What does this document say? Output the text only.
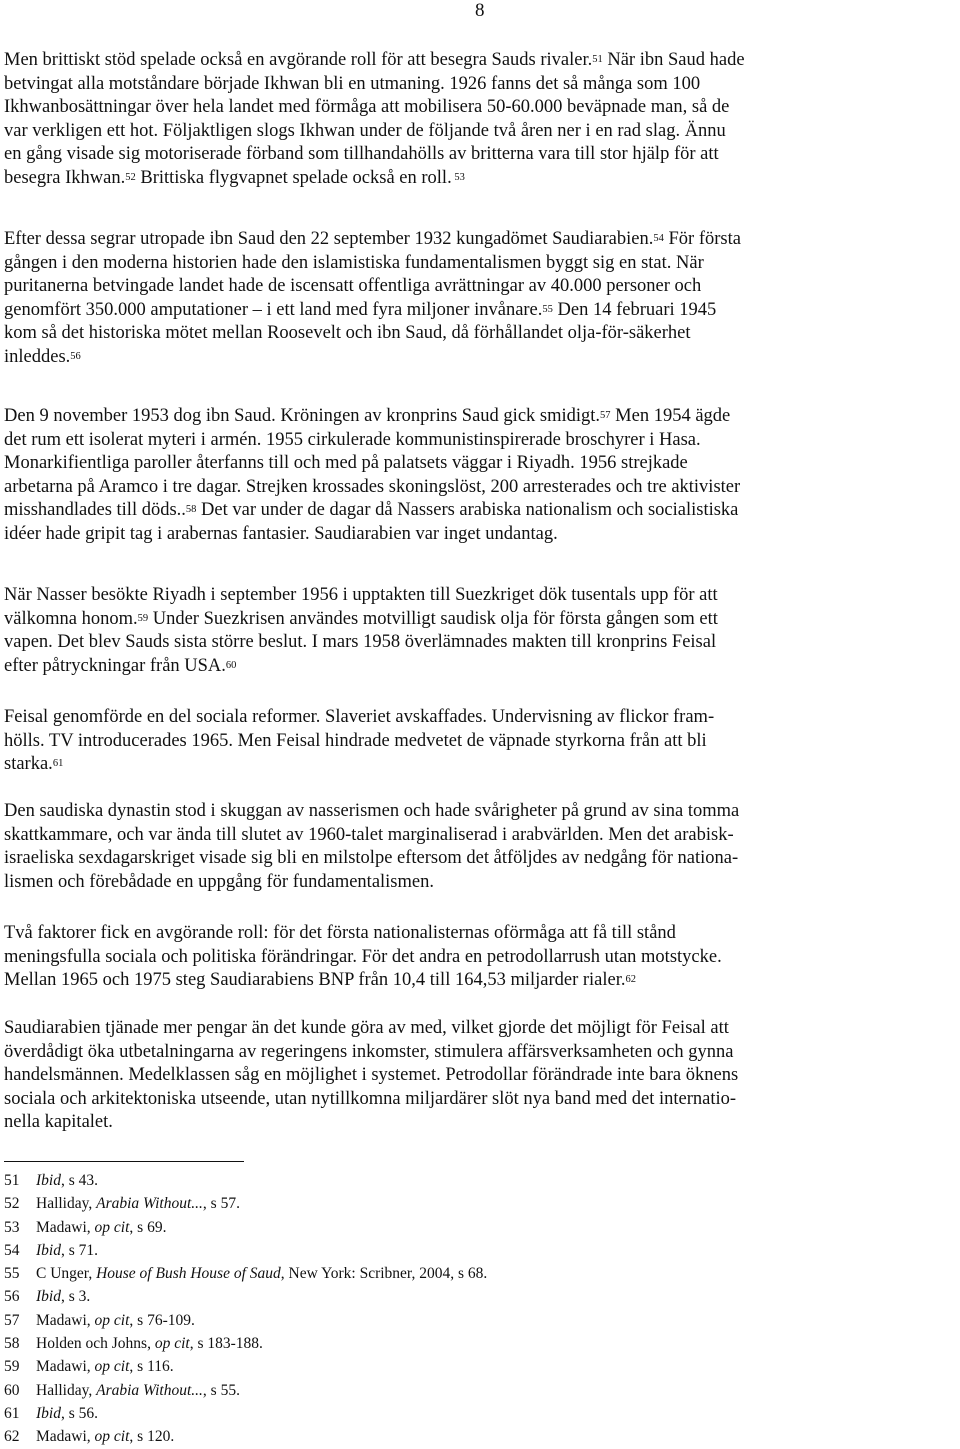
8
Men brittiskt stöd spelade också en avgörande roll för att besegra Sauds rivaler.$^{51}$ När ibn Saud hade
betvingat alla motståndare började Ikhwan bli en utmaning. 1926 fanns det så många som 100
Ikhwanbosättningar över hela landet med förmåga att mobilisera 50-60.000 beväpnade man, så de
var verkligen ett hot. Följaktligen slogs Ikhwan under de följande två åren ner i en rad slag. Ännu
en gång visade sig motoriserade förband som tillhandahölls av britterna vara till stor hjälp för att
besegra Ikhwan.$^{52}$ Brittiska flygvapnet spelade också en roll. $^{53}$
Efter dessa segrar utropade ibn Saud den 22 september 1932 kungadömet Saudiarabien.$^{54}$ För första
gången i den moderna historien hade den islamistiska fundamentalismen byggt sig en stat. När
puritanerna betvingade landet hade de iscensatt offentliga avrättningar av 40.000 personer och
genomfört 350.000 amputationer – i ett land med fyra miljoner invånare.$^{55}$ Den 14 februari 1945
kom så det historiska mötet mellan Roosevelt och ibn Saud, då förhållandet olja-för-säkerhet
inleddes.$^{56}$
Den 9 november 1953 dog ibn Saud. Kröningen av kronprins Saud gick smidigt.$^{57}$ Men 1954 ägde
det rum ett isolerat myteri i armén. 1955 cirkulerade kommunistinspirerade broschyrer i Hasa.
Monarkifientliga paroller återfanns till och med på palatsets väggar i Riyadh. 1956 strejkade
arbetarna på Aramco i tre dagar. Strejken krossades skoningslöst, 200 arresterades och tre aktivister
misshandlades till döds..$^{58}$ Det var under de dagar då Nassers arabiska nationalism och socialistiska
idéer hade gripit tag i arabernas fantasier. Saudiarabien var inget undantag.
När Nasser besökte Riyadh i september 1956 i upptakten till Suezkriget dök tusentals upp för att
välkomna honom.$^{59}$ Under Suezkrisen användes motvilligt saudisk olja för första gången som ett
vapen. Det blev Sauds sista större beslut. I mars 1958 överlämnades makten till kronprins Feisal
efter påtryckningar från USA.$^{60}$
Feisal genomförde en del sociala reformer. Slaveriet avskaffades. Undervisning av flickor fram-
hölls. TV introducerades 1965. Men Feisal hindrade medvetet de väpnade styrkorna från att bli
starka.$^{61}$
Den saudiska dynastin stod i skuggan av nasserismen och hade svårigheter på grund av sina tomma
skattkammare, och var ända till slutet av 1960-talet marginaliserad i arabvärlden. Men det arabisk-
israeliska sexdagarskriget visade sig bli en milstolpe eftersom det åtföljdes av nedgång för nationa-
lismen och förebådade en uppgång för fundamentalismen.
Två faktorer fick en avgörande roll: för det första nationalisternas oförmåga att få till stånd
meningsfulla sociala och politiska förändringar. För det andra en petrodollarrush utan motstycke.
Mellan 1965 och 1975 steg Saudiarabiens BNP från 10,4 till 164,53 miljarder rialer.$^{62}$
Saudiarabien tjänade mer pengar än det kunde göra av med, vilket gjorde det möjligt för Feisal att
överdådigt öka utbetalningarna av regeringens inkomster, stimulera affärsverksamheten och gynna
handelsmännen. Medelklassen såg en möjlighet i systemet. Petrodollar förändrade inte bara öknens
sociala och arkitektoniska utseende, utan nytillkomna miljardärer slöt nya band med det internatio-
nella kapitalet.
51 Ibid, s 43.
52 Halliday, Arabia Without..., s 57.
53 Madawi, op cit, s 69.
54 Ibid, s 71.
55 C Unger, House of Bush House of Saud, New York: Scribner, 2004, s 68.
56 Ibid, s 3.
57 Madawi, op cit, s 76-109.
58 Holden och Johns, op cit, s 183-188.
59 Madawi, op cit, s 116.
60 Halliday, Arabia Without..., s 55.
61 Ibid, s 56.
62 Madawi, op cit, s 120.
